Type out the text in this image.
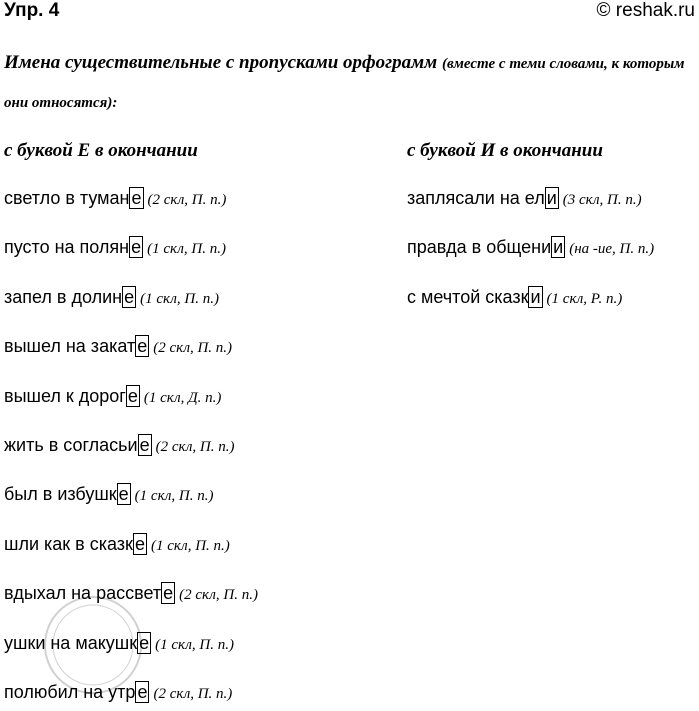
Упр. 4	© reshak.ru
Имена существительные с пропусками орфограмм (вместе с теми словами, к которым они относятся):
с буквой Е в окончании	с буквой И в окончании
светло в туман е (2 скл, П. п.)
пусто на полян е (1 скл, П. п.)
запел в долин е (1 скл, П. п.)
вышел на закат е (2 скл, П. п.)
вышел к дорог е (1 скл, Д. п.)
жить в согласьи е (2 скл, П. п.)
был в избушк е (1 скл, П. п.)
шли как в сказк е (1 скл, П. п.)
вдыхал на рассвет е (2 скл, П. п.)
ушки на макушк е (1 скл, П. п.)
полюбил на утр е (2 скл, П. п.)
заплясали на ел и (3 скл, П. п.)
правда в общени и (на -ие, П. п.)
с мечтой сказк и (1 скл, Р. п.)
